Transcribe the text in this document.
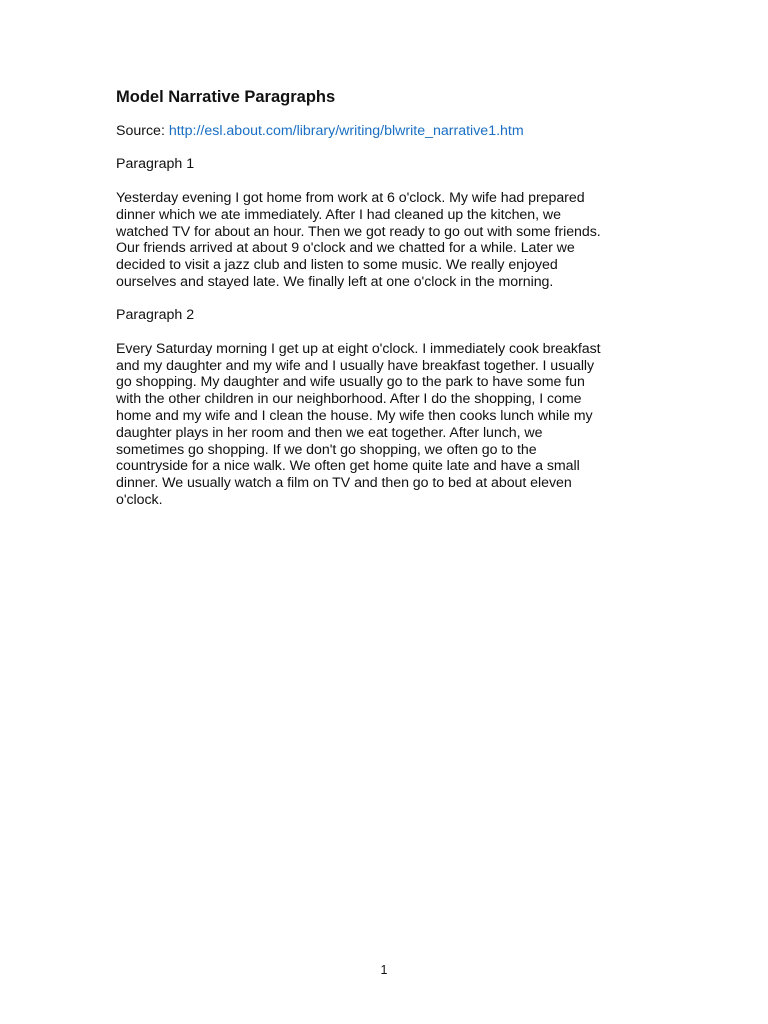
Model Narrative Paragraphs

Source: http://esl.about.com/library/writing/blwrite_narrative1.htm

Paragraph 1

Yesterday evening I got home from work at 6 o'clock. My wife had prepared
dinner which we ate immediately. After I had cleaned up the kitchen, we
watched TV for about an hour. Then we got ready to go out with some friends.
Our friends arrived at about 9 o'clock and we chatted for a while. Later we
decided to visit a jazz club and listen to some music. We really enjoyed
ourselves and stayed late. We finally left at one o'clock in the morning.

Paragraph 2

Every Saturday morning I get up at eight o'clock. I immediately cook breakfast
and my daughter and my wife and I usually have breakfast together. I usually
go shopping. My daughter and wife usually go to the park to have some fun
with the other children in our neighborhood. After I do the shopping, I come
home and my wife and I clean the house. My wife then cooks lunch while my
daughter plays in her room and then we eat together. After lunch, we
sometimes go shopping. If we don't go shopping, we often go to the
countryside for a nice walk. We often get home quite late and have a small
dinner. We usually watch a film on TV and then go to bed at about eleven
o'clock.

1
